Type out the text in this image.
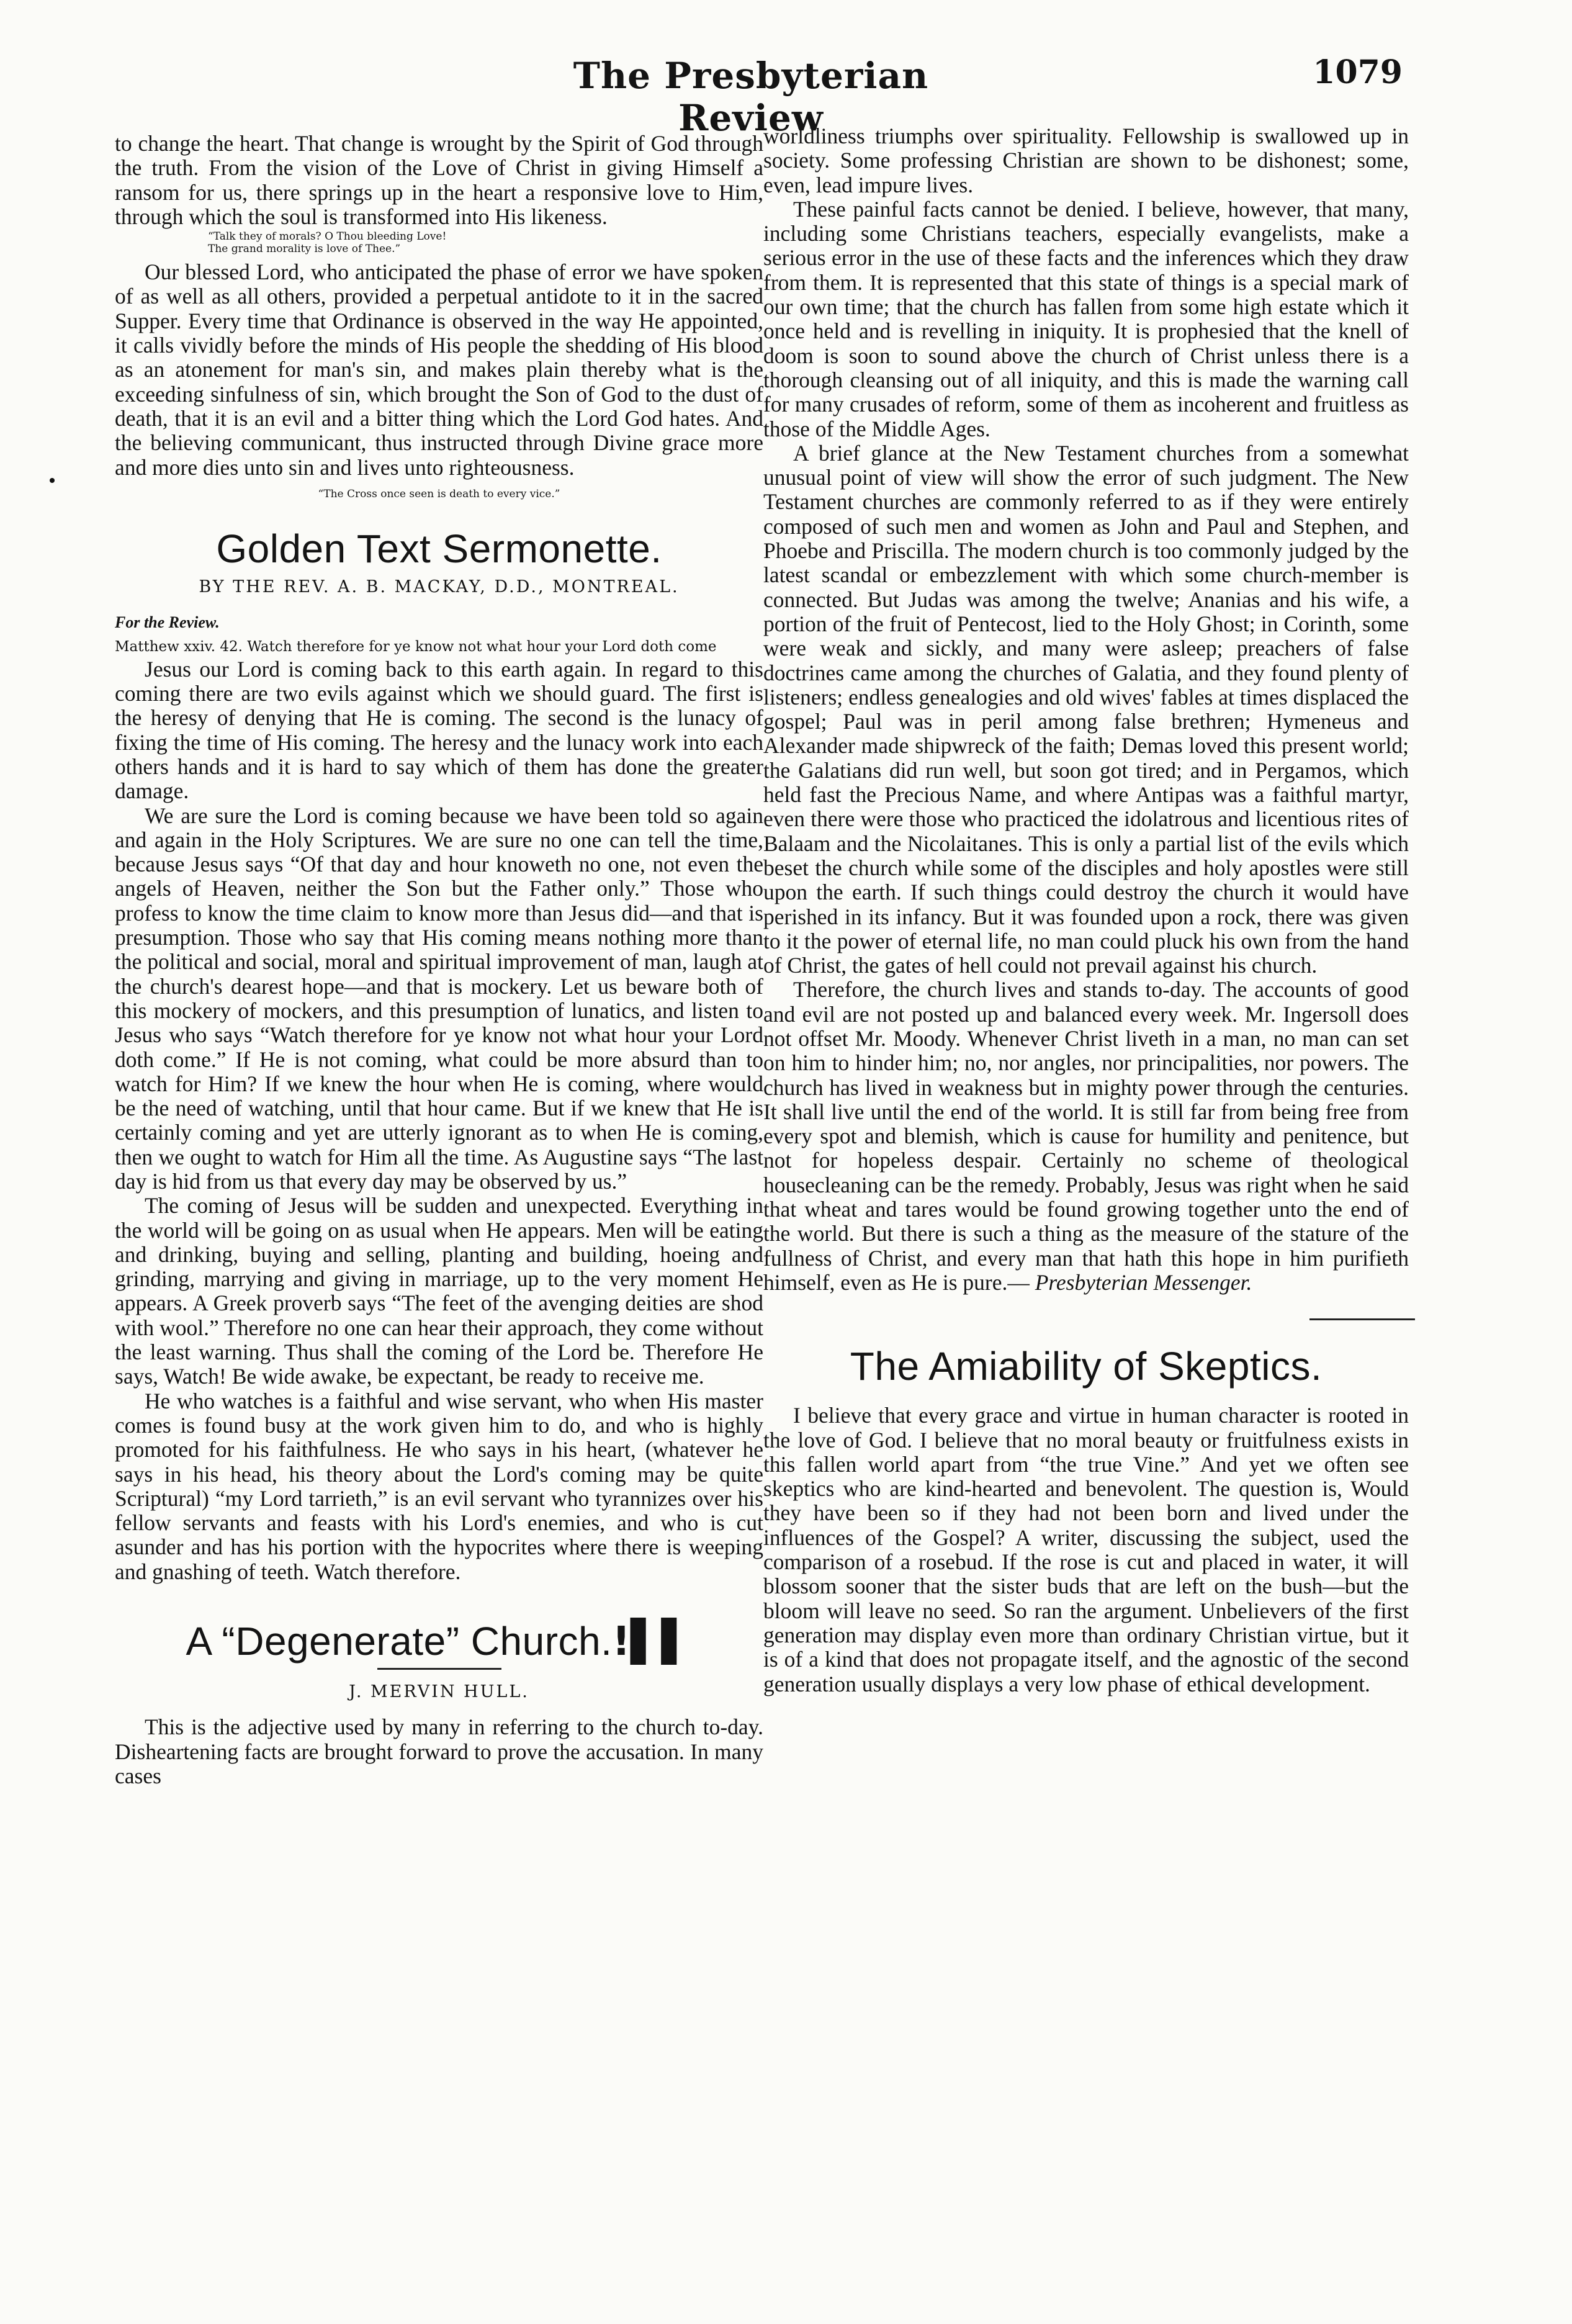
The Presbyterian Review
1079

to change the heart. That change is wrought by the Spirit of God through the truth. From the vision of the Love of Christ in giving Himself a ransom for us, there springs up in the heart a responsive love to Him, through which the soul is transformed into His likeness.

“Talk they of morals? O Thou bleeding Love!
The grand morality is love of Thee.”

Our blessed Lord, who anticipated the phase of error we have spoken of as well as all others, provided a perpetual antidote to it in the sacred Supper. Every time that Ordinance is observed in the way He appointed, it calls vividly before the minds of His people the shedding of His blood as an atonement for man's sin, and makes plain thereby what is the exceeding sinfulness of sin, which brought the Son of God to the dust of death, that it is an evil and a bitter thing which the Lord God hates. And the believing communicant, thus instructed through Divine grace more and more dies unto sin and lives unto righteousness.

“The Cross once seen is death to every vice.”
Golden Text Sermonette.
BY THE REV. A. B. MACKAY, D.D., MONTREAL.
For the Review.
Matthew xxiv. 42. Watch therefore for ye know not what hour your Lord doth come

Jesus our Lord is coming back to this earth again. In regard to this coming there are two evils against which we should guard. The first is the heresy of denying that He is coming. The second is the lunacy of fixing the time of His coming. The heresy and the lunacy work into each others hands and it is hard to say which of them has done the greater damage.

We are sure the Lord is coming because we have been told so again and again in the Holy Scriptures. We are sure no one can tell the time, because Jesus says “Of that day and hour knoweth no one, not even the angels of Heaven, neither the Son but the Father only.” Those who profess to know the time claim to know more than Jesus did—and that is presumption. Those who say that His coming means nothing more than the political and social, moral and spiritual improvement of man, laugh at the church's dearest hope—and that is mockery. Let us beware both of this mockery of mockers, and this presumption of lunatics, and listen to Jesus who says “Watch therefore for ye know not what hour your Lord doth come.” If He is not coming, what could be more absurd than to watch for Him? If we knew the hour when He is coming, where would be the need of watching, until that hour came. But if we knew that He is certainly coming and yet are utterly ignorant as to when He is coming, then we ought to watch for Him all the time. As Augustine says “The last day is hid from us that every day may be observed by us.”

The coming of Jesus will be sudden and unexpected. Everything in the world will be going on as usual when He appears. Men will be eating and drinking, buying and selling, planting and building, hoeing and grinding, marrying and giving in marriage, up to the very moment He appears. A Greek proverb says “The feet of the avenging deities are shod with wool.” Therefore no one can hear their approach, they come without the least warning. Thus shall the coming of the Lord be. Therefore He says, Watch! Be wide awake, be expectant, be ready to receive me.

He who watches is a faithful and wise servant, who when His master comes is found busy at the work given him to do, and who is highly promoted for his faithfulness. He who says in his heart, (whatever he says in his head, his theory about the Lord's coming may be quite Scriptural) “my Lord tarrieth,” is an evil servant who tyrannizes over his fellow servants and feasts with his Lord's enemies, and who is cut asunder and has his portion with the hypocrites where there is weeping and gnashing of teeth. Watch therefore.

A “Degenerate” Church.!▌▌
J. MERVIN HULL.

This is the adjective used by many in referring to the church to-day. Disheartening facts are brought forward to prove the accusation. In many cases

worldliness triumphs over spirituality. Fellowship is swallowed up in society. Some professing Christian are shown to be dishonest; some, even, lead impure lives.

These painful facts cannot be denied. I believe, however, that many, including some Christians teachers, especially evangelists, make a serious error in the use of these facts and the inferences which they draw from them. It is represented that this state of things is a special mark of our own time; that the church has fallen from some high estate which it once held and is revelling in iniquity. It is prophesied that the knell of doom is soon to sound above the church of Christ unless there is a thorough cleansing out of all iniquity, and this is made the warning call for many crusades of reform, some of them as incoherent and fruitless as those of the Middle Ages.

A brief glance at the New Testament churches from a somewhat unusual point of view will show the error of such judgment. The New Testament churches are commonly referred to as if they were entirely composed of such men and women as John and Paul and Stephen, and Phoebe and Priscilla. The modern church is too commonly judged by the latest scandal or embezzlement with which some church-member is connected. But Judas was among the twelve; Ananias and his wife, a portion of the fruit of Pentecost, lied to the Holy Ghost; in Corinth, some were weak and sickly, and many were asleep; preachers of false doctrines came among the churches of Galatia, and they found plenty of listeners; endless genealogies and old wives' fables at times displaced the gospel; Paul was in peril among false brethren; Hymeneus and Alexander made shipwreck of the faith; Demas loved this present world; the Galatians did run well, but soon got tired; and in Pergamos, which held fast the Precious Name, and where Antipas was a faithful martyr, even there were those who practiced the idolatrous and licentious rites of Balaam and the Nicolaitanes. This is only a partial list of the evils which beset the church while some of the disciples and holy apostles were still upon the earth. If such things could destroy the church it would have perished in its infancy. But it was founded upon a rock, there was given to it the power of eternal life, no man could pluck his own from the hand of Christ, the gates of hell could not prevail against his church.

Therefore, the church lives and stands to-day. The accounts of good and evil are not posted up and balanced every week. Mr. Ingersoll does not offset Mr. Moody. Whenever Christ liveth in a man, no man can set on him to hinder him; no, nor angles, nor principalities, nor powers. The church has lived in weakness but in mighty power through the centuries. It shall live until the end of the world. It is still far from being free from every spot and blemish, which is cause for humility and penitence, but not for hopeless despair. Certainly no scheme of theological housecleaning can be the remedy. Probably, Jesus was right when he said that wheat and tares would be found growing together unto the end of the world. But there is such a thing as the measure of the stature of the fullness of Christ, and every man that hath this hope in him purifieth himself, even as He is pure.— Presbyterian Messenger.

The Amiability of Skeptics.

I believe that every grace and virtue in human character is rooted in the love of God. I believe that no moral beauty or fruitfulness exists in this fallen world apart from “the true Vine.” And yet we often see skeptics who are kind-hearted and benevolent. The question is, Would they have been so if they had not been born and lived under the influences of the Gospel? A writer, discussing the subject, used the comparison of a rosebud. If the rose is cut and placed in water, it will blossom sooner that the sister buds that are left on the bush—but the bloom will leave no seed. So ran the argument. Unbelievers of the first generation may display even more than ordinary Christian virtue, but it is of a kind that does not propagate itself, and the agnostic of the second generation usually displays a very low phase of ethical development.
